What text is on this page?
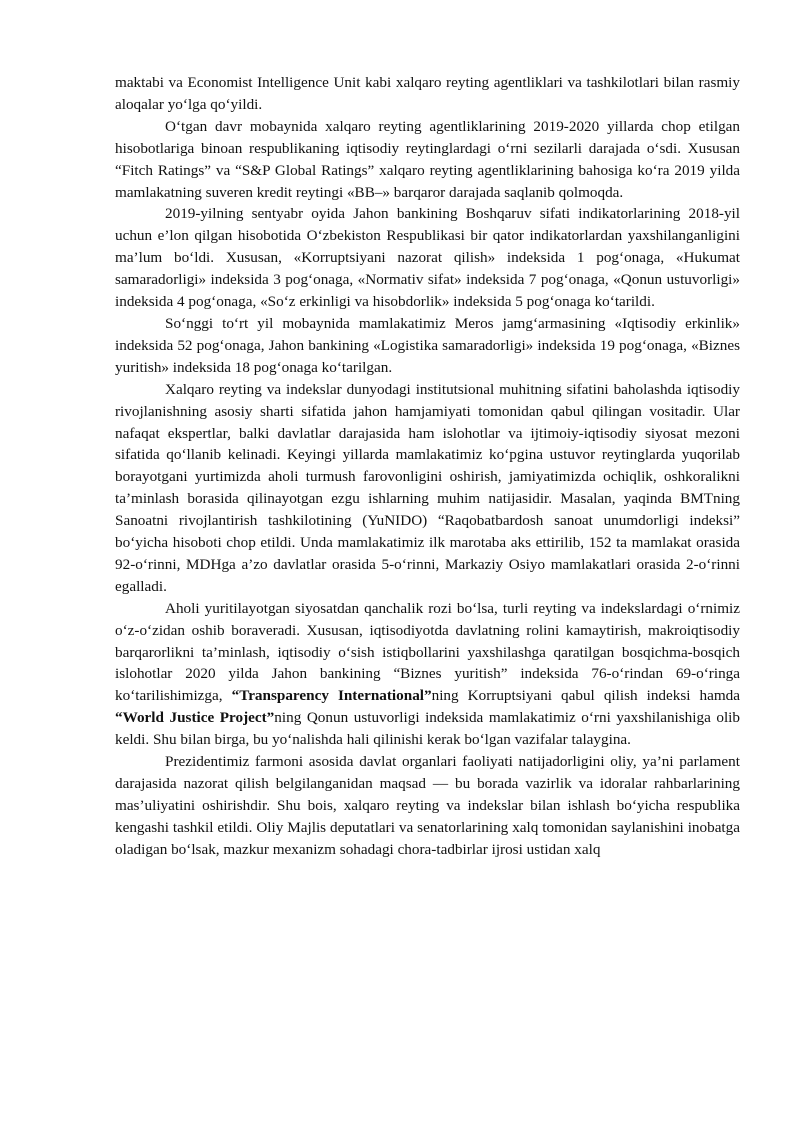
maktabi va Economist Intelligence Unit kabi xalqaro reyting agentliklari va tashkilotlari bilan rasmiy aloqalar yo‘lga qo‘yildi.

O‘tgan davr mobaynida xalqaro reyting agentliklarining 2019-2020 yillarda chop etilgan hisobotlariga binoan respublikaning iqtisodiy reytinglardagi o‘rni sezilarli darajada o‘sdi. Xususan “Fitch Ratings” va “S&P Global Ratings” xalqaro reyting agentliklarining bahosiga ko‘ra 2019 yilda mamlakatning suveren kredit reytingi «BB–» barqaror darajada saqlanib qolmoqda.

2019-yilning sentyabr oyida Jahon bankining Boshqaruv sifati indikatorlarining 2018-yil uchun e’lon qilgan hisobotida O‘zbekiston Respublikasi bir qator indikatorlardan yaxshilanganligini ma’lum bo‘ldi. Xususan, «Korruptsiyani nazorat qilish» indeksida 1 pog‘onaga, «Hukumat samaradorligi» indeksida 3 pog‘onaga, «Normativ sifat» indeksida 7 pog‘onaga, «Qonun ustuvorligi» indeksida 4 pog‘onaga, «So‘z erkinligi va hisobdorlik» indeksida 5 pog‘onaga ko‘tarildi.

So‘nggi to‘rt yil mobaynida mamlakatimiz Meros jamg‘armasining «Iqtisodiy erkinlik» indeksida 52 pog‘onaga, Jahon bankining «Logistika samaradorligi» indeksida 19 pog‘onaga, «Biznes yuritish» indeksida 18 pog‘onaga ko‘tarilgan.

Xalqaro reyting va indekslar dunyodagi institutsional muhitning sifatini baholashda iqtisodiy rivojlanishning asosiy sharti sifatida jahon hamjamiyati tomonidan qabul qilingan vositadir. Ular nafaqat ekspertlar, balki davlatlar darajasida ham islohotlar va ijtimoiy-iqtisodiy siyosat mezoni sifatida qo‘llanib kelinadi. Keyingi yillarda mamlakatimiz ko‘pgina ustuvor reytinglarda yuqorilab borayotgani yurtimizda aholi turmush farovonligini oshirish, jamiyatimizda ochiqlik, oshkoralikni ta’minlash borasida qilinayotgan ezgu ishlarning muhim natijasidir. Masalan, yaqinda BMTning Sanoatni rivojlantirish tashkilotining (YuNIDO) “Raqobatbardosh sanoat unumdorligi indeksi” bo‘yicha hisoboti chop etildi. Unda mamlakatimiz ilk marotaba aks ettirilib, 152 ta mamlakat orasida 92-o‘rinni, MDHga a’zo davlatlar orasida 5-o‘rinni, Markaziy Osiyo mamlakatlari orasida 2-o‘rinni egalladi.

Aholi yuritilayotgan siyosatdan qanchalik rozi bo‘lsa, turli reyting va indekslardagi o‘rnimiz o‘z-o‘zidan oshib boraveradi. Xususan, iqtisodiyotda davlatning rolini kamaytirish, makroiqtisodiy barqarorlikni ta’minlash, iqtisodiy o‘sish istiqbollarini yaxshilashga qaratilgan bosqichma-bosqich islohotlar 2020 yilda Jahon bankining “Biznes yuritish” indeksida 76-o‘rindan 69-o‘ringa ko‘tarilishimizga, “Transparency International”ning Korruptsiyani qabul qilish indeksi hamda “World Justice Project”ning Qonun ustuvorligi indeksida mamlakatimiz o‘rni yaxshilanishiga olib keldi. Shu bilan birga, bu yo‘nalishda hali qilinishi kerak bo‘lgan vazifalar talaygina.

Prezidentimiz farmoni asosida davlat organlari faoliyati natijadorligini oliy, ya’ni parlament darajasida nazorat qilish belgilanganidan maqsad — bu borada vazirlik va idoralar rahbarlarining mas’uliyatini oshirishdir. Shu bois, xalqaro reyting va indekslar bilan ishlash bo‘yicha respublika kengashi tashkil etildi. Oliy Majlis deputatlari va senatorlarining xalq tomonidan saylanishini inobatga oladigan bo‘lsak, mazkur mexanizm sohadagi chora-tadbirlar ijrosi ustidan xalq
